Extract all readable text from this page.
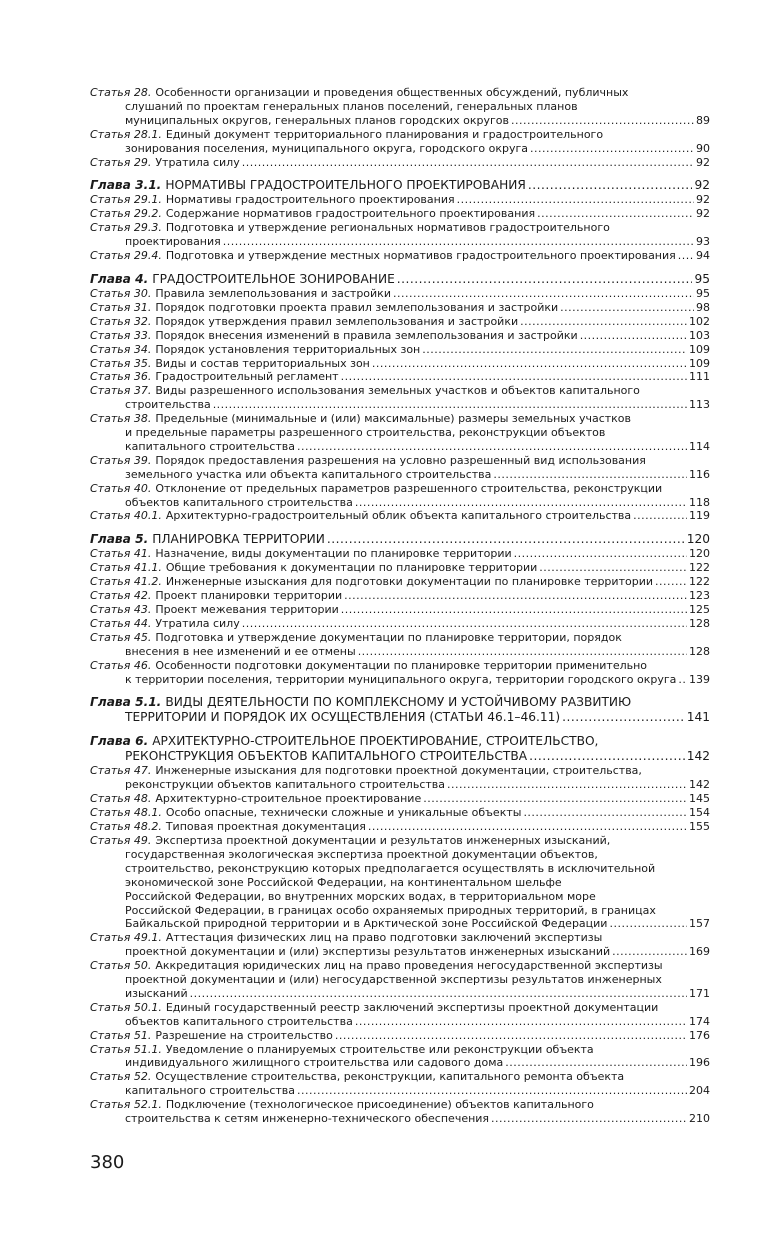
Статья 28. Особенности организации и проведения общественных обсуждений, публичных
слушаний по проектам генеральных планов поселений, генеральных планов
муниципальных округов, генеральных планов городских округов .....	89
Статья 28.1. Единый документ территориального планирования и градостроительного
зонирования поселения, муниципального округа, городского округа .....	90
Статья 29. Утратила силу .....	92
Глава 3.1. НОРМАТИВЫ ГРАДОСТРОИТЕЛЬНОГО ПРОЕКТИРОВАНИЯ .....	92
Статья 29.1. Нормативы градостроительного проектирования .....	92
Статья 29.2. Содержание нормативов градостроительного проектирования .....	92
Статья 29.3. Подготовка и утверждение региональных нормативов градостроительного
проектирования .....	93
Статья 29.4. Подготовка и утверждение местных нормативов градостроительного проектирования ..... 94
Глава 4. ГРАДОСТРОИТЕЛЬНОЕ ЗОНИРОВАНИЕ .....	95
Статья 30. Правила землепользования и застройки .....	95
Статья 31. Порядок подготовки проекта правил землепользования и застройки .....	98
Статья 32. Порядок утверждения правил землепользования и застройки .....	102
Статья 33. Порядок внесения изменений в правила землепользования и застройки .....	103
Статья 34. Порядок установления территориальных зон .....	109
Статья 35. Виды и состав территориальных зон .....	109
Статья 36. Градостроительный регламент .....	111
Статья 37. Виды разрешенного использования земельных участков и объектов капитального
строительства .....	113
Статья 38. Предельные (минимальные и (или) максимальные) размеры земельных участков
и предельные параметры разрешенного строительства, реконструкции объектов
капитального строительства .....	114
Статья 39. Порядок предоставления разрешения на условно разрешенный вид использования
земельного участка или объекта капитального строительства .....	116
Статья 40. Отклонение от предельных параметров разрешенного строительства, реконструкции
объектов капитального строительства .....	118
Статья 40.1. Архитектурно-градостроительный облик объекта капитального строительства .....	119
Глава 5. ПЛАНИРОВКА ТЕРРИТОРИИ .....	120
Статья 41. Назначение, виды документации по планировке территории .....	120
Статья 41.1. Общие требования к документации по планировке территории .....	122
Статья 41.2. Инженерные изыскания для подготовки документации по планировке территории .....	122
Статья 42. Проект планировки территории .....	123
Статья 43. Проект межевания территории .....	125
Статья 44. Утратила силу .....	128
Статья 45. Подготовка и утверждение документации по планировке территории, порядок
внесения в нее изменений и ее отмены .....	128
Статья 46. Особенности подготовки документации по планировке территории применительно
к территории поселения, территории муниципального округа, территории городского округа ..... 139
Глава 5.1. ВИДЫ ДЕЯТЕЛЬНОСТИ ПО КОМПЛЕКСНОМУ И УСТОЙЧИВОМУ РАЗВИТИЮ
ТЕРРИТОРИИ И ПОРЯДОК ИХ ОСУЩЕСТВЛЕНИЯ (СТАТЬИ 46.1–46.11) .....	141
Глава 6. АРХИТЕКТУРНО-СТРОИТЕЛЬНОЕ ПРОЕКТИРОВАНИЕ, СТРОИТЕЛЬСТВО,
РЕКОНСТРУКЦИЯ ОБЪЕКТОВ КАПИТАЛЬНОГО СТРОИТЕЛЬСТВА .....	142
Статья 47. Инженерные изыскания для подготовки проектной документации, строительства,
реконструкции объектов капитального строительства .....	142
Статья 48. Архитектурно-строительное проектирование .....	145
Статья 48.1. Особо опасные, технически сложные и уникальные объекты .....	154
Статья 48.2. Типовая проектная документация .....	155
Статья 49. Экспертиза проектной документации и результатов инженерных изысканий,
государственная экологическая экспертиза проектной документации объектов,
строительство, реконструкцию которых предполагается осуществлять в исключительной
экономической зоне Российской Федерации, на континентальном шельфе
Российской Федерации, во внутренних морских водах, в территориальном море
Российской Федерации, в границах особо охраняемых природных территорий, в границах
Байкальской природной территории и в Арктической зоне Российской Федерации .....	157
Статья 49.1. Аттестация физических лиц на право подготовки заключений экспертизы
проектной документации и (или) экспертизы результатов инженерных изысканий .....	169
Статья 50. Аккредитация юридических лиц на право проведения негосударственной экспертизы
проектной документации и (или) негосударственной экспертизы результатов инженерных
изысканий .....	171
Статья 50.1. Единый государственный реестр заключений экспертизы проектной документации
объектов капитального строительства .....	174
Статья 51. Разрешение на строительство .....	176
Статья 51.1. Уведомление о планируемых строительстве или реконструкции объекта
индивидуального жилищного строительства или садового дома .....	196
Статья 52. Осуществление строительства, реконструкции, капитального ремонта объекта
капитального строительства .....	204
Статья 52.1. Подключение (технологическое присоединение) объектов капитального
строительства к сетям инженерно-технического обеспечения .....	210
380
